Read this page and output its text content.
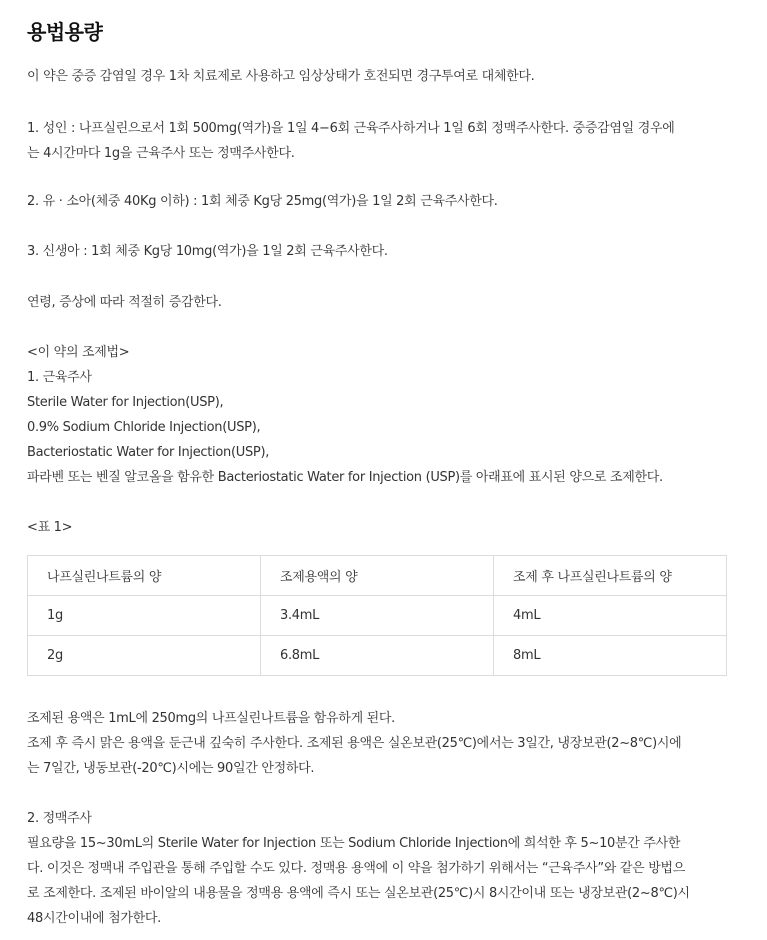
용법용량
이 약은 중증 감염일 경우 1차 치료제로 사용하고 임상상태가 호전되면 경구투여로 대체한다.
1. 성인 : 나프실린으로서 1회 500mg(역가)을 1일 4−6회 근육주사하거나 1일 6회 정맥주사한다. 중증감염일 경우에
는 4시간마다 1g을 근육주사 또는 정맥주사한다.
2. 유 · 소아(체중 40Kg 이하) : 1회 체중 Kg당 25mg(역가)을 1일 2회 근육주사한다.
3. 신생아 : 1회 체중 Kg당 10mg(역가)을 1일 2회 근육주사한다.
연령, 증상에 따라 적절히 증감한다.
<이 약의 조제법>
1. 근육주사
Sterile Water for Injection(USP),
0.9% Sodium Chloride Injection(USP),
Bacteriostatic Water for Injection(USP),
파라벤 또는 벤질 알코올을 함유한 Bacteriostatic Water for Injection (USP)를 아래표에 표시된 양으로 조제한다.
<표 1>
나프실린나트륨의 양	조제용액의 양	조제 후 나프실린나트륨의 양
1g	3.4mL	4mL
2g	6.8mL	8mL
조제된 용액은 1mL에 250mg의 나프실린나트륨을 함유하게 된다.
조제 후 즉시 맑은 용액을 둔근내 깊숙히 주사한다. 조제된 용액은 실온보관(25℃)에서는 3일간, 냉장보관(2~8℃)시에
는 7일간, 냉동보관(-20℃)시에는 90일간 안정하다.
2. 정맥주사
필요량을 15~30mL의 Sterile Water for Injection 또는 Sodium Chloride Injection에 희석한 후 5~10분간 주사한
다. 이것은 정맥내 주입관을 통해 주입할 수도 있다. 정맥용 용액에 이 약을 첨가하기 위해서는 “근육주사”와 같은 방법으
로 조제한다. 조제된 바이알의 내용물을 정맥용 용액에 즉시 또는 실온보관(25℃)시 8시간이내 또는 냉장보관(2~8℃)시
48시간이내에 첨가한다.
